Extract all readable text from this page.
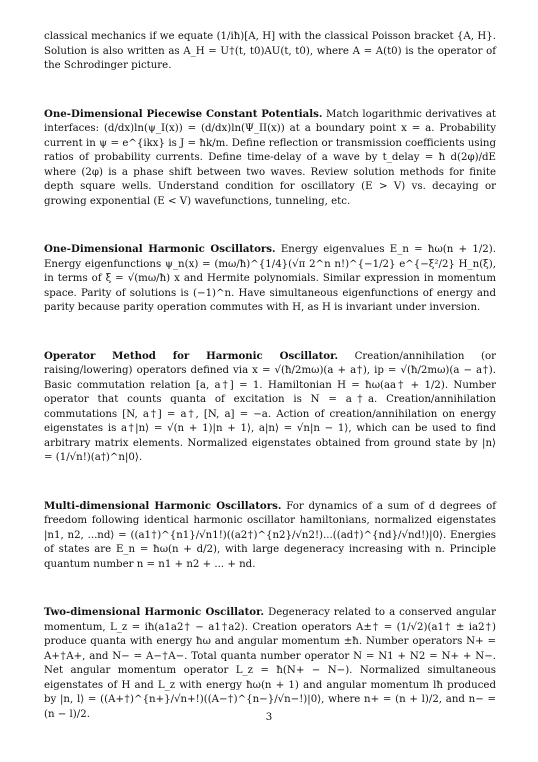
classical mechanics if we equate (1/iħ)[A, H] with the classical Poisson bracket {A, H}. Solution is also written as A_H = U†(t, t0)AU(t, t0), where A = A(t0) is the operator of the Schrodinger picture.

One-Dimensional Piecewise Constant Potentials. Match logarithmic derivatives at interfaces: (d/dx)ln(ψ_I(x)) = (d/dx)ln(Ψ_II(x)) at a boundary point x = a. Probability current in ψ = e^{ikx} is J = ħk/m. Define reflection or transmission coefficients using ratios of probability currents. Define time-delay of a wave by t_delay = ħ d(2φ)/dE where (2φ) is a phase shift between two waves. Review solution methods for finite depth square wells. Understand condition for oscillatory (E > V) vs. decaying or growing exponential (E < V) wavefunctions, tunneling, etc.

One-Dimensional Harmonic Oscillators. Energy eigenvalues E_n = ħω(n + 1/2). Energy eigenfunctions ψ_n(x) = (mω/ħ)^{1/4}(√π 2^n n!)^{−1/2} e^{−ξ²/2} H_n(ξ), in terms of ξ = √(mω/ħ) x and Hermite polynomials. Similar expression in momentum space. Parity of solutions is (−1)^n. Have simultaneous eigenfunctions of energy and parity because parity operation commutes with H, as H is invariant under inversion.

Operator Method for Harmonic Oscillator. Creation/annihilation (or raising/lowering) operators defined via x = √(ħ/2mω)(a + a†), ip = √(ħ/2mω)(a − a†). Basic commutation relation [a, a†] = 1. Hamiltonian H = ħω(aa† + 1/2). Number operator that counts quanta of excitation is N = a†a. Creation/annihilation commutations [N, a†] = a†, [N, a] = −a. Action of creation/annihilation on energy eigenstates is a†|n⟩ = √(n + 1)|n + 1⟩, a|n⟩ = √n|n − 1⟩, which can be used to find arbitrary matrix elements. Normalized eigenstates obtained from ground state by |n⟩ = (1/√n!)(a†)^n|0⟩.

Multi-dimensional Harmonic Oscillators. For dynamics of a sum of d degrees of freedom following identical harmonic oscillator hamiltonians, normalized eigenstates |n1, n2, ...nd⟩ = ((a1†)^{n1}/√n1!)((a2†)^{n2}/√n2!)...((ad†)^{nd}/√nd!)|0⟩. Energies of states are E_n = ħω(n + d/2), with large degeneracy increasing with n. Principle quantum number n = n1 + n2 + ... + nd.

Two-dimensional Harmonic Oscillator. Degeneracy related to a conserved angular momentum, L_z = iħ(a1a2† − a1†a2). Creation operators A±† = (1/√2)(a1† ± ia2†) produce quanta with energy ħω and angular momentum ±ħ. Number operators N+ = A+†A+, and N− = A−†A−. Total quanta number operator N = N1 + N2 = N+ + N−. Net angular momentum operator L_z = ħ(N+ − N−). Normalized simultaneous eigenstates of H and L_z with energy ħω(n + 1) and angular momentum lħ produced by |n, l⟩ = ((A+†)^{n+}/√n+!)((A−†)^{n−}/√n−!)|0⟩, where n+ = (n + l)/2, and n− = (n − l)/2.	3
